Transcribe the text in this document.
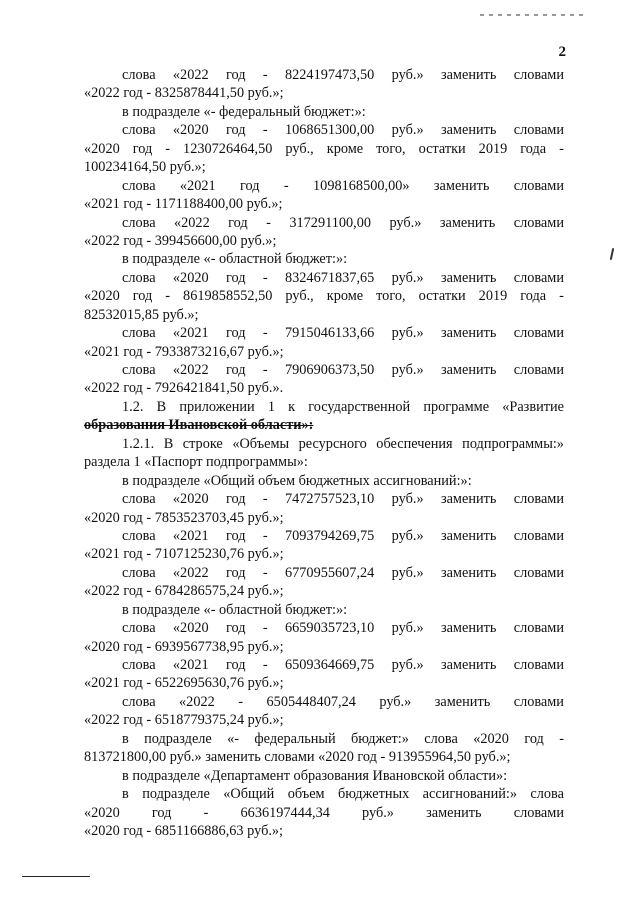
2
слова «2022 год - 8224197473,50 руб.» заменить словами
«2022 год - 8325878441,50 руб.»;
в подразделе «- федеральный бюджет:»:
слова «2020 год - 1068651300,00 руб.» заменить словами
«2020 год - 1230726464,50 руб., кроме того, остатки 2019 года -
100234164,50 руб.»;
слова «2021 год - 1098168500,00» заменить словами
«2021 год - 1171188400,00 руб.»;
слова «2022 год - 317291100,00 руб.» заменить словами
«2022 год - 399456600,00 руб.»;
в подразделе «- областной бюджет:»:
слова «2020 год - 8324671837,65 руб.» заменить словами
«2020 год - 8619858552,50 руб., кроме того, остатки 2019 года -
82532015,85 руб.»;
слова «2021 год - 7915046133,66 руб.» заменить словами
«2021 год - 7933873216,67 руб.»;
слова «2022 год - 7906906373,50 руб.» заменить словами
«2022 год - 7926421841,50 руб.».
1.2. В приложении 1 к государственной программе «Развитие
образования Ивановской области»:
1.2.1. В строке «Объемы ресурсного обеспечения подпрограммы:»
раздела 1 «Паспорт подпрограммы»:
в подразделе «Общий объем бюджетных ассигнований:»:
слова «2020 год - 7472757523,10 руб.» заменить словами
«2020 год - 7853523703,45 руб.»;
слова «2021 год - 7093794269,75 руб.» заменить словами
«2021 год - 7107125230,76 руб.»;
слова «2022 год - 6770955607,24 руб.» заменить словами
«2022 год - 6784286575,24 руб.»;
в подразделе «- областной бюджет:»:
слова «2020 год - 6659035723,10 руб.» заменить словами
«2020 год - 6939567738,95 руб.»;
слова «2021 год - 6509364669,75 руб.» заменить словами
«2021 год - 6522695630,76 руб.»;
слова «2022 - 6505448407,24 руб.» заменить словами
«2022 год - 6518779375,24 руб.»;
в подразделе «- федеральный бюджет:» слова «2020 год -
813721800,00 руб.» заменить словами «2020 год - 913955964,50 руб.»;
в подразделе «Департамент образования Ивановской области»:
в подразделе «Общий объем бюджетных ассигнований:» слова
«2020 год - 6636197444,34 руб.» заменить словами
«2020 год - 6851166886,63 руб.»;
